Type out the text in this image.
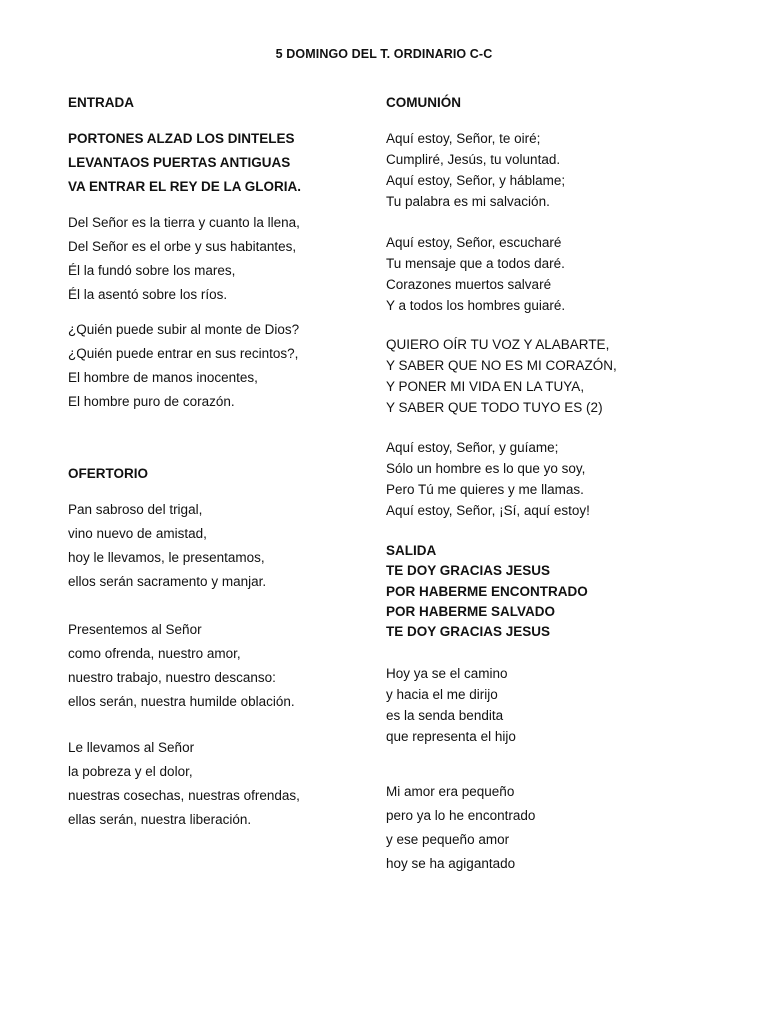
5 DOMINGO DEL T. ORDINARIO C-C
ENTRADA
PORTONES ALZAD LOS DINTELES
LEVANTAOS PUERTAS ANTIGUAS
VA ENTRAR EL REY DE LA GLORIA.
Del Señor es la tierra y cuanto la llena,
Del Señor es el orbe y sus habitantes,
Él la fundó sobre los mares,
Él la asentó sobre los ríos.
¿Quién puede subir al monte de Dios?
¿Quién puede entrar en sus recintos?,
El hombre de manos inocentes,
El hombre puro de corazón.
OFERTORIO
Pan sabroso del trigal,
vino nuevo de amistad,
hoy le llevamos, le presentamos,
ellos serán sacramento y manjar.
Presentemos al Señor
como ofrenda, nuestro amor,
nuestro trabajo, nuestro descanso:
ellos serán, nuestra humilde oblación.
Le llevamos al Señor
la pobreza y el dolor,
nuestras cosechas, nuestras ofrendas,
ellas serán, nuestra liberación.
COMUNIÓN
Aquí estoy, Señor, te oiré;
Cumpliré, Jesús, tu voluntad.
Aquí estoy, Señor, y háblame;
Tu palabra es mi salvación.
Aquí estoy, Señor, escucharé
Tu mensaje que a todos daré.
Corazones muertos salvaré
Y a todos los hombres guiaré.
QUIERO OÍR TU VOZ Y ALABARTE,
Y SABER QUE NO ES MI CORAZÓN,
Y PONER MI VIDA EN LA TUYA,
Y SABER QUE TODO TUYO ES (2)
Aquí estoy, Señor, y guíame;
Sólo un hombre es lo que yo soy,
Pero Tú me quieres y me llamas.
Aquí estoy, Señor, ¡Sí, aquí estoy!
SALIDA
TE DOY GRACIAS JESUS
POR HABERME ENCONTRADO
POR HABERME SALVADO
TE DOY GRACIAS JESUS
Hoy ya se el camino
y hacia el me dirijo
es la senda bendita
que representa el hijo
Mi amor era pequeño
pero ya lo he encontrado
y ese pequeño amor
hoy se ha agigantado
